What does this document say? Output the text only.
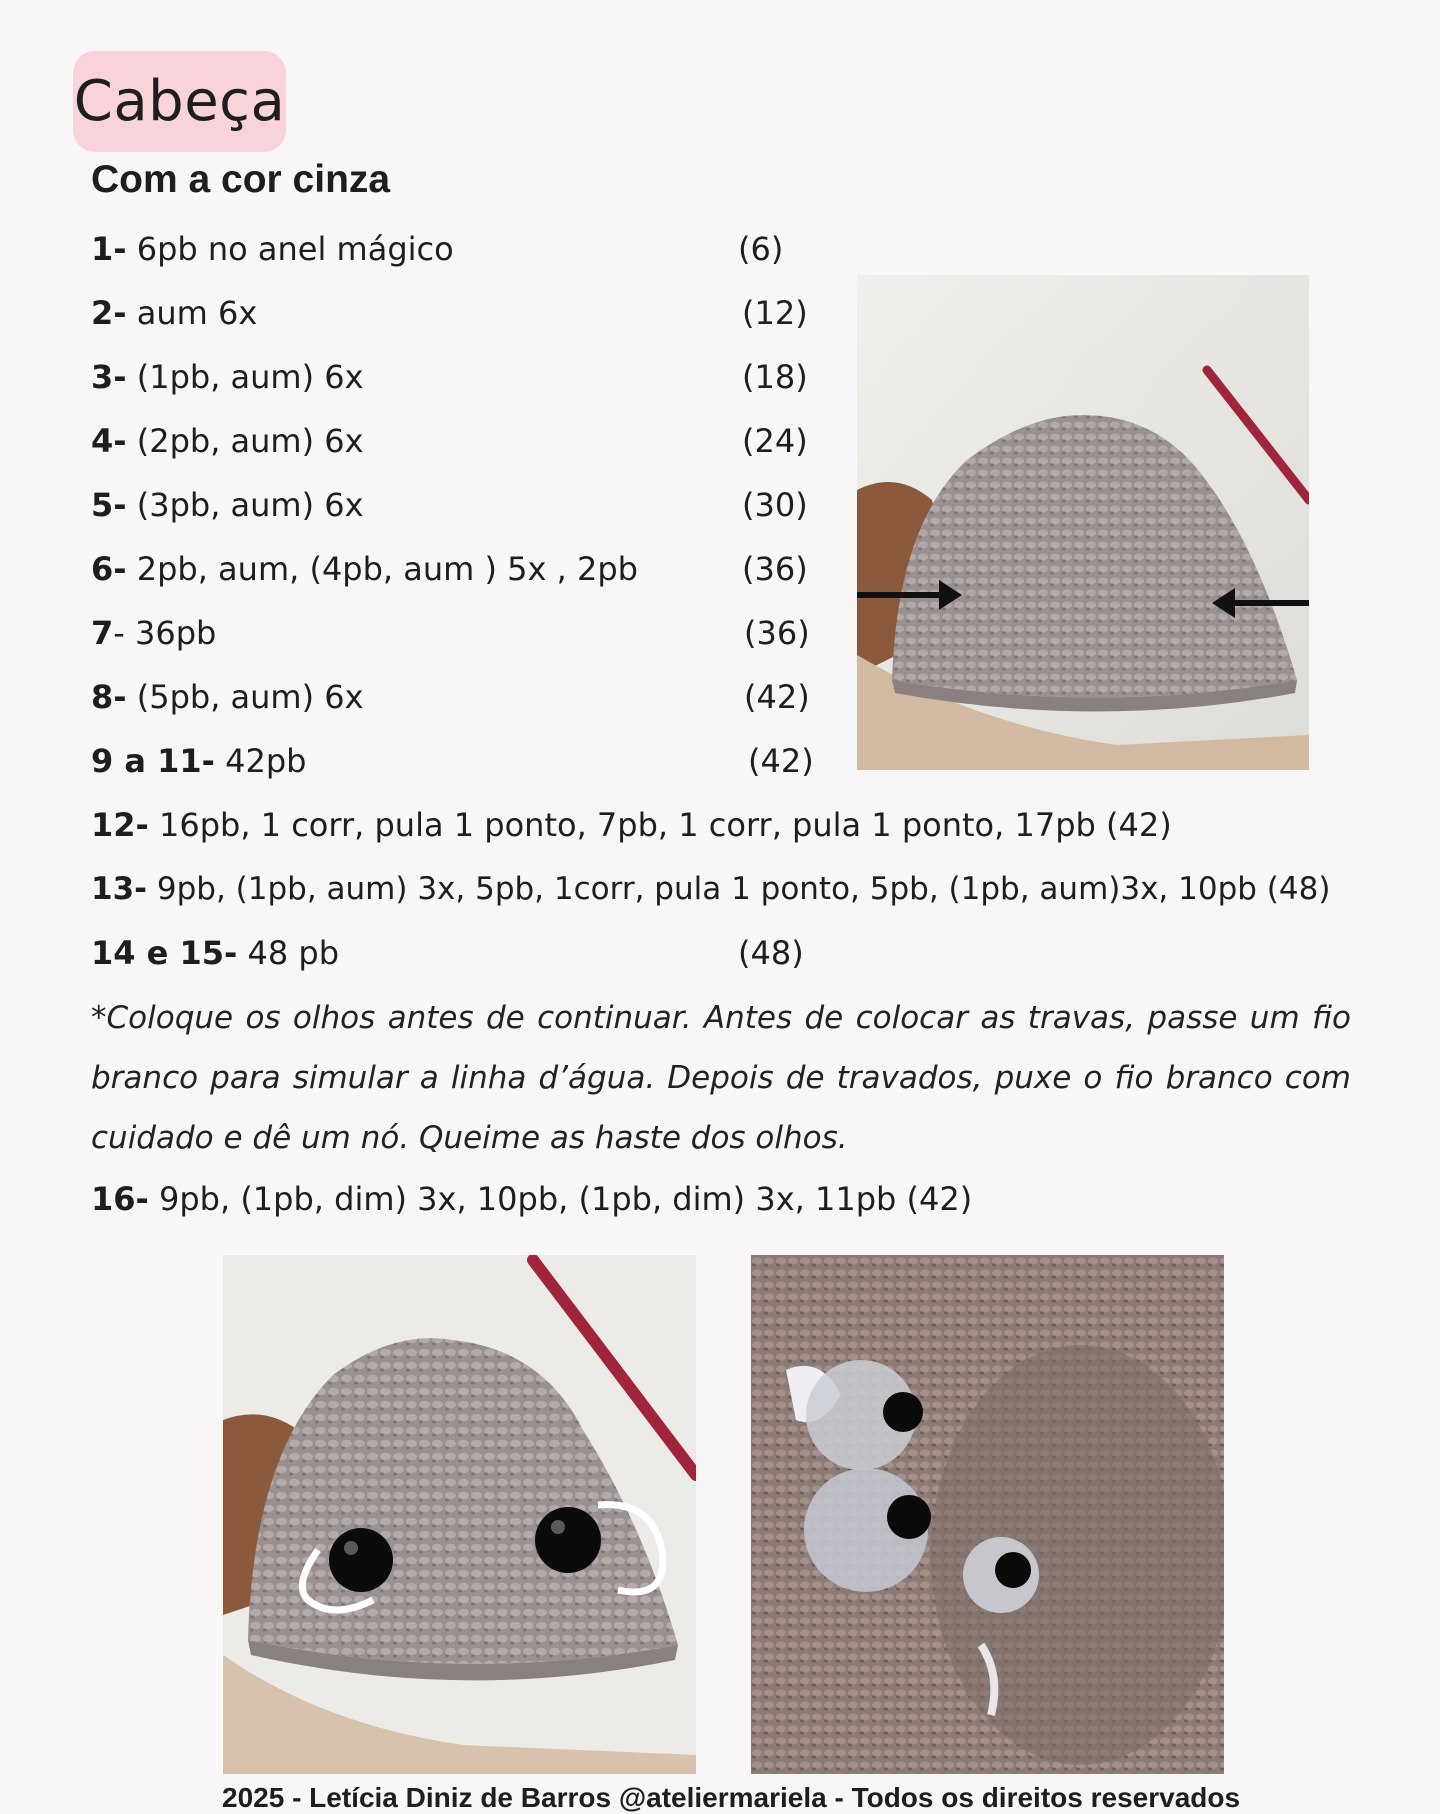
Cabeça
Com a cor cinza
1- 6pb no anel mágico	(6)
2- aum 6x	(12)
3- (1pb, aum) 6x	(18)
4- (2pb, aum) 6x	(24)
5- (3pb, aum) 6x	(30)
6- 2pb, aum, (4pb, aum ) 5x , 2pb	(36)
7- 36pb	(36)
8- (5pb, aum) 6x	(42)
9 a 11- 42pb	(42)
12- 16pb, 1 corr, pula 1 ponto, 7pb, 1 corr, pula 1 ponto, 17pb (42)
13- 9pb, (1pb, aum) 3x, 5pb, 1corr, pula 1 ponto, 5pb, (1pb, aum)3x, 10pb (48)
14 e 15- 48 pb	(48)
*Coloque os olhos antes de continuar. Antes de colocar as travas, passe um fio branco para simular a linha d’água. Depois de travados, puxe o fio branco com cuidado e dê um nó. Queime as haste dos olhos.
16- 9pb, (1pb, dim) 3x, 10pb, (1pb, dim) 3x, 11pb (42)
2025 - Letícia Diniz de Barros @ateliermariela - Todos os direitos reservados
